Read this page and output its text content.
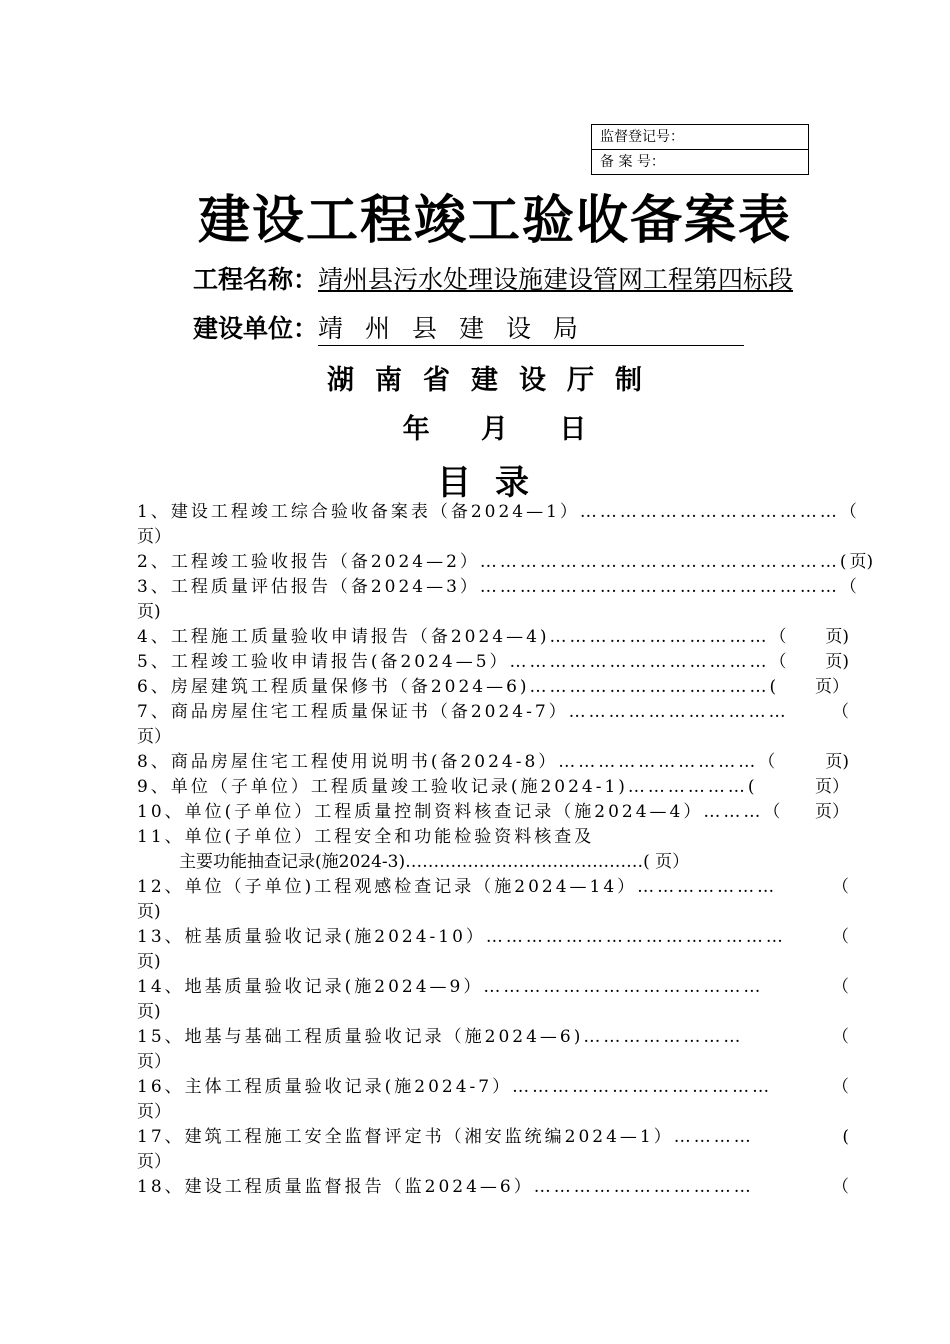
监督登记号：
备 案 号：
建设工程竣工验收备案表
工程名称：靖州县污水处理设施建设管网工程第四标段
建设单位：靖州县建设局
湖南省建设厅制
年 月 日
目录
1、建设工程竣工综合验收备案表（备2024—1）………………………………… （
页）
2、工程竣工验收报告（备2024—2）………………………………………………( 页)
3、工程质量评估报告（备2024—3）……………………………………………… （
页)
4、工程施工质量验收申请报告（备2024—4)……………………………（ 页)
5、工程竣工验收申请报告(备2024—5）…………………………………（ 页)
6、房屋建筑工程质量保修书（备2024—6)………………………………( 页）
7、商品房屋住宅工程质量保证书（备2024-7）……………………………	（
页）
8、商品房屋住宅工程使用说明书(备2024-8）…………………………（	页)
9、单位（子单位）工程质量竣工验收记录(施2024-1)………………(	页）
10、单位(子单位）工程质量控制资料核查记录（施2024—4）………（ 页）
11、单位(子单位）工程安全和功能检验资料核查及
主要功能抽查记录(施2024-3)……………………………………( 页）
12、单位（子单位)工程观感检查记录（施2024—14）…………………	（
页)
13、桩基质量验收记录(施2024-10）………………………………………	（
页)
14、地基质量验收记录(施2024—9）……………………………………	（
页)
15、地基与基础工程质量验收记录（施2024—6)……………………	（
页）
16、主体工程质量验收记录(施2024-7）…………………………………	（
页）
17、建筑工程施工安全监督评定书（湘安监统编2024—1）…………	(
页）
18、建设工程质量监督报告（监2024—6）……………………………	（
